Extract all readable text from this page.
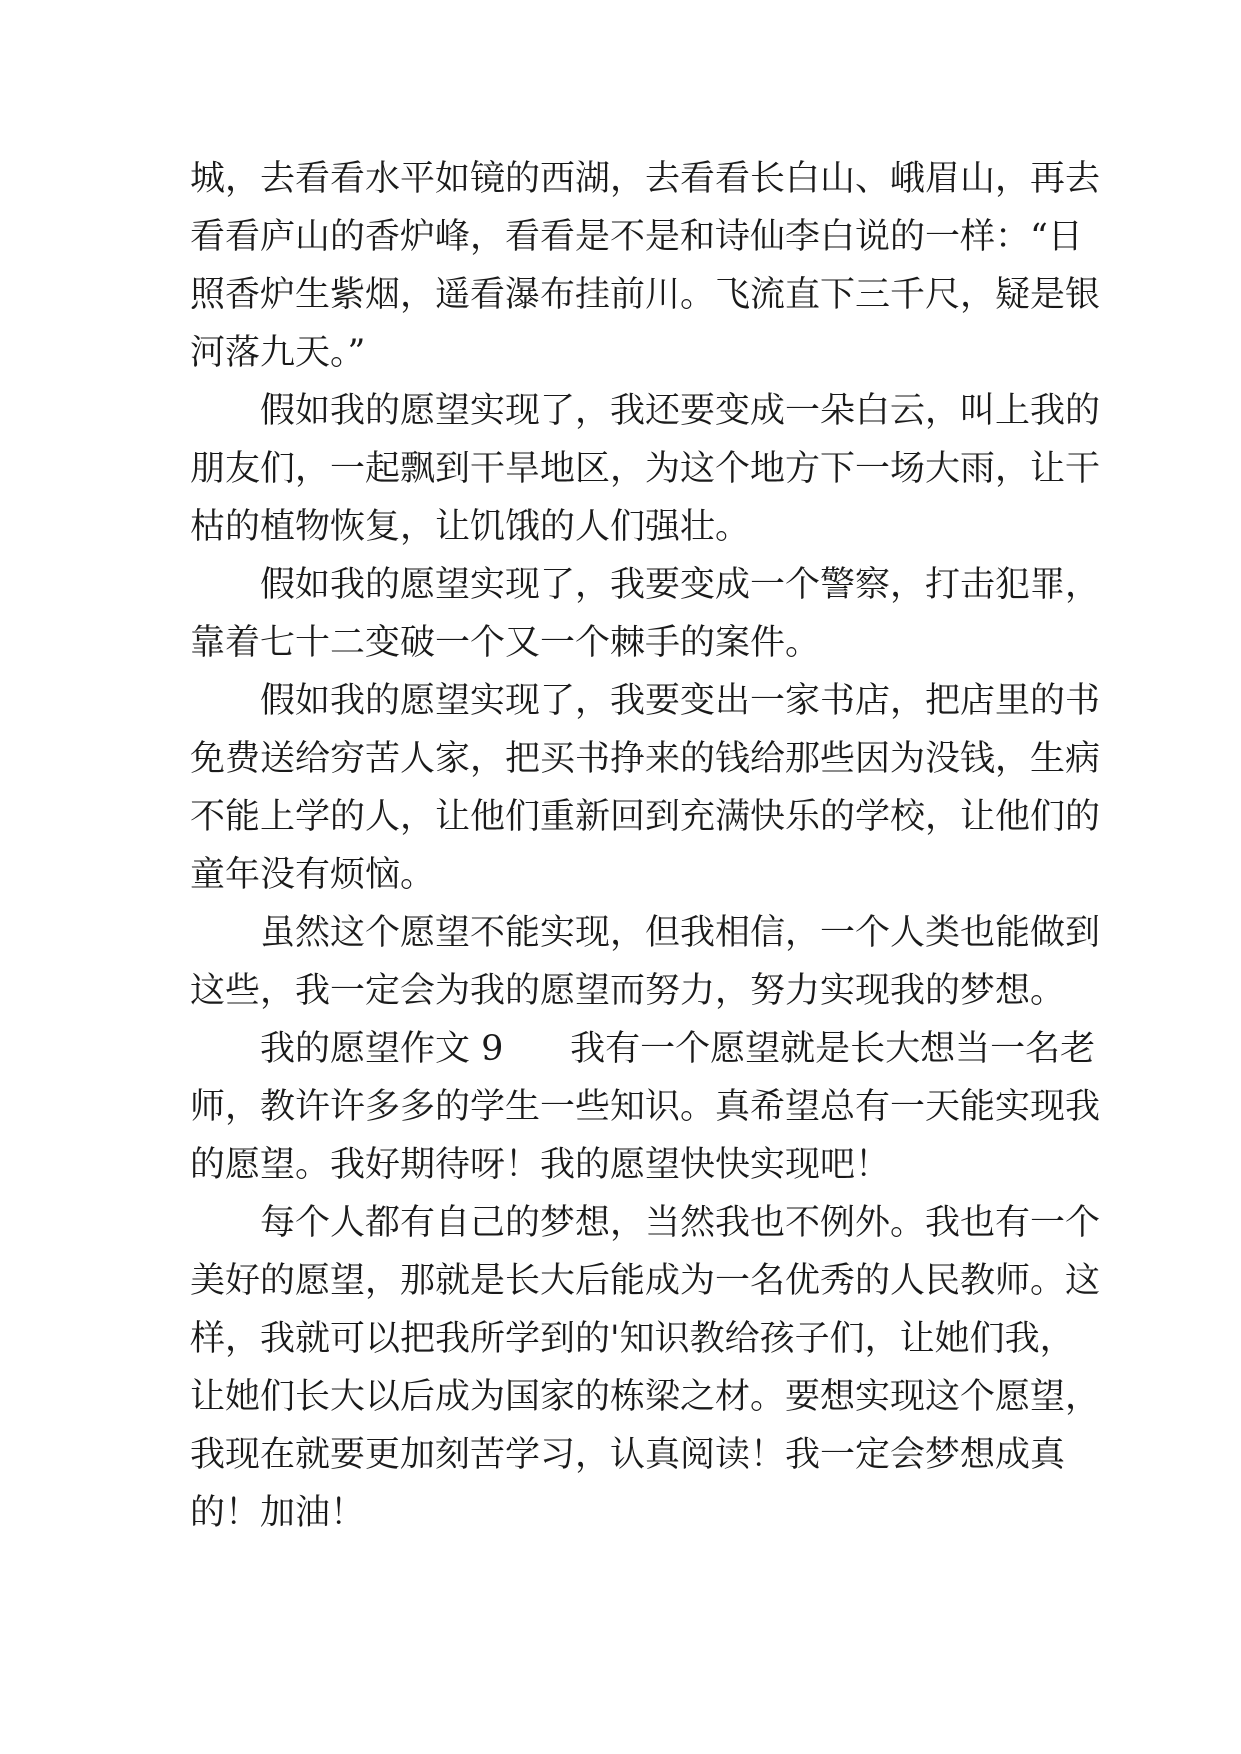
城，去看看水平如镜的西湖，去看看长白山、峨眉山，再去
看看庐山的香炉峰，看看是不是和诗仙李白说的一样：“日
照香炉生紫烟，遥看瀑布挂前川。飞流直下三千尺，疑是银
河落九天。”
假如我的愿望实现了，我还要变成一朵白云，叫上我的
朋友们，一起飘到干旱地区，为这个地方下一场大雨，让干
枯的植物恢复，让饥饿的人们强壮。
假如我的愿望实现了，我要变成一个警察，打击犯罪，
靠着七十二变破一个又一个棘手的案件。
假如我的愿望实现了，我要变出一家书店，把店里的书
免费送给穷苦人家，把买书挣来的钱给那些因为没钱，生病
不能上学的人，让他们重新回到充满快乐的学校，让他们的
童年没有烦恼。
虽然这个愿望不能实现，但我相信，一个人类也能做到
这些，我一定会为我的愿望而努力，努力实现我的梦想。
我的愿望作文 9      我有一个愿望就是长大想当一名老
师，教许许多多的学生一些知识。真希望总有一天能实现我
的愿望。我好期待呀！我的愿望快快实现吧！
每个人都有自己的梦想，当然我也不例外。我也有一个
美好的愿望，那就是长大后能成为一名优秀的人民教师。这
样，我就可以把我所学到的'知识教给孩子们，让她们我，
让她们长大以后成为国家的栋梁之材。要想实现这个愿望，
我现在就要更加刻苦学习，认真阅读！我一定会梦想成真
的！加油！
